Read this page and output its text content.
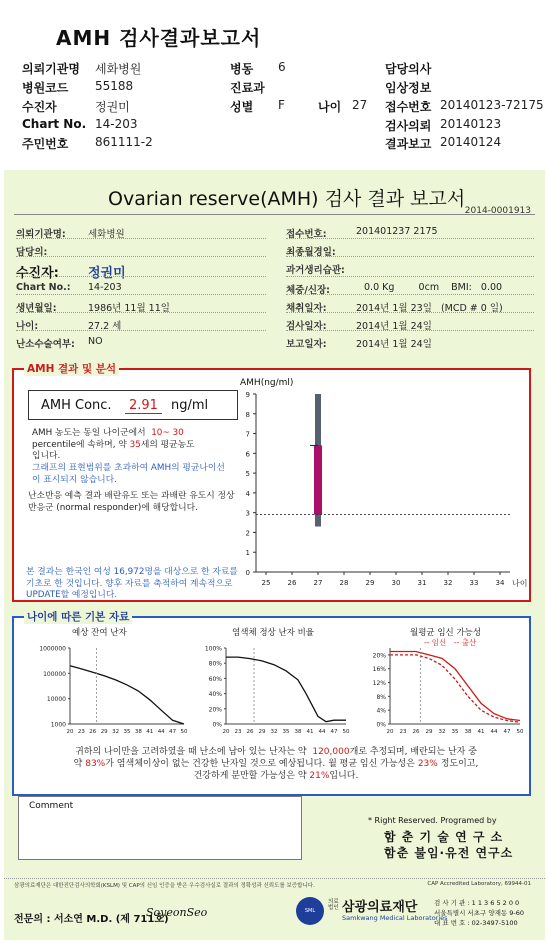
AMH 검사결과보고서
의뢰기관명 세화병원
병원코드 55188
수진자	정권미
Chart No. 14-203
주민번호 861111-2
병동 6
진료과
성별 F	나이 27
담당의사
임상정보
접수번호 20140123-72175
검사의뢰 20140123
결과보고 20140124
Ovarian reserve(AMH) 검사 결과 보고서
2014-0001913
의뢰기관명: 세화병원
담당의:
수진자: 정권미
Chart No.: 14-203
생년월일:	1986년 11월 11일
나이:	27.2 세
난소수술여부: NO
접수번호:	201401237 2175
최종월경일:
과거생리습관:
체중/신장:	0.0 Kg        0cm    BMI:   0.00
채취일자:	2014년 1월 23일   (MCD # 0 일)
검사일자:	2014년 1월 24일
보고일자:	2014년 1월 24일
AMH 결과 및 분석
AMH Conc.	2.91	ng/ml
AMH 농도는 동일 나이군에서 10~ 30
percentile에 속하며, 약 35세의 평균농도
입니다.
그래프의 표현범위를 초과하여 AMH의 평균나이선이 표시되지 않습니다.
난소반응 예측 결과 배란유도 또는 과배란 유도시 정상반응군 (normal responder)에 해당합니다.
본 결과는 한국인 여성 16,972명을 대상으로 한 자료를 기초로 한 것입니다. 향후 자료를 축적하여 계속적으로 UPDATE할 예정입니다.
AMH(ng/ml)
0
1
2
3
4
5
6
7
8
9
25 26 27 28 29 30 31 32 33 34 나이
나이에 따른 기본 자료
예상 잔여 난자	염색체 정상 난자 비율	월평균 임신 가능성
-- 임신 -- 출산
1000
10000
100000
1000000
20 23 26 29 32 35 38 41 44 47 50
0%
20%
40%
60%
80%
100%
20 23 26 29 32 35 38 41 44 47 50
0%
4%
8%
12%
16%
20%
20 23 26 29 32 35 38 41 44 47 50
귀하의 나이만을 고려하였을 때 난소에 남아 있는 난자는 약 120,000개로 추정되며, 배란되는 난자 중
약 83%가 염색체이상이 없는 건강한 난자일 것으로 예상됩니다. 월 평균 임신 가능성은 23% 정도이고,
건강하게 분만할 가능성은 약 21%입니다.
Comment
* Right Reserved. Programed by
함 춘 기 술 연 구 소
함춘 불임·유전 연구소
삼광의료재단은 대한진단검사의학회(KSLM) 및 CAP의 신임 인증을 받은 우수검사실로 결과의 정확성과 신뢰도를 보증합니다.	CAP Accredited Laboratory, 69944-01
전문의 : 서소연 M.D. (제 711호)
SoyeonSeo	SML
의료
법인 삼광의료재단
Samkwang Medical Laboratories
검 사 기 관 : 1 1 3 6 5 2 0 0
서울특별시 서초구 양재동 9-60
대 표 번 호 : 02-3497-5100
